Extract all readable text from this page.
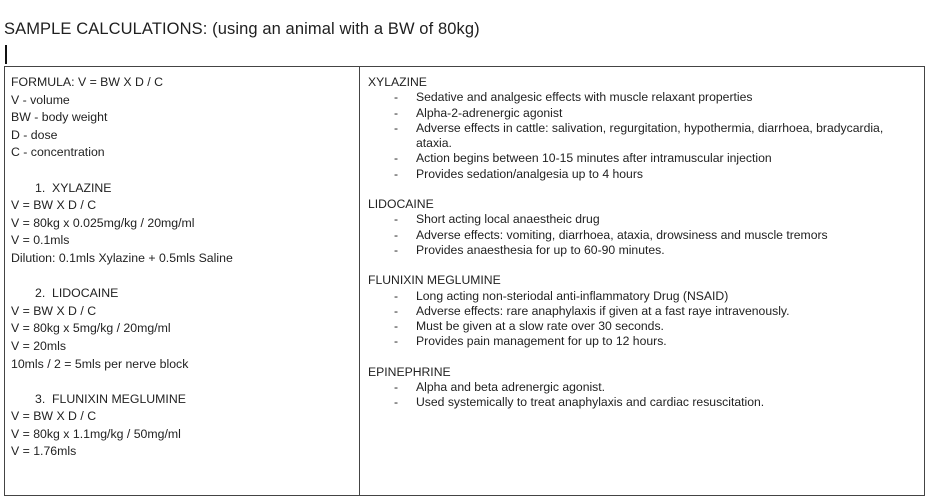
SAMPLE CALCULATIONS: (using an animal with a BW of 80kg)
FORMULA: V = BW X D / C
V - volume
BW - body weight
D - dose
C - concentration
1. XYLAZINE
V = BW X D / C
V = 80kg x 0.025mg/kg / 20mg/ml
V = 0.1mls
Dilution: 0.1mls Xylazine + 0.5mls Saline
2. LIDOCAINE
V = BW X D / C
V = 80kg x 5mg/kg / 20mg/ml
V = 20mls
10mls / 2 = 5mls per nerve block
3. FLUNIXIN MEGLUMINE
V = BW X D / C
V = 80kg x 1.1mg/kg / 50mg/ml
V = 1.76mls
XYLAZINE
- Sedative and analgesic effects with muscle relaxant properties
- Alpha-2-adrenergic agonist
- Adverse effects in cattle: salivation, regurgitation, hypothermia, diarrhoea, bradycardia, ataxia.
- Action begins between 10-15 minutes after intramuscular injection
- Provides sedation/analgesia up to 4 hours
LIDOCAINE
- Short acting local anaestheic drug
- Adverse effects: vomiting, diarrhoea, ataxia, drowsiness and muscle tremors
- Provides anaesthesia for up to 60-90 minutes.
FLUNIXIN MEGLUMINE
- Long acting non-steriodal anti-inflammatory Drug (NSAID)
- Adverse effects: rare anaphylaxis if given at a fast raye intravenously.
- Must be given at a slow rate over 30 seconds.
- Provides pain management for up to 12 hours.
EPINEPHRINE
- Alpha and beta adrenergic agonist.
- Used systemically to treat anaphylaxis and cardiac resuscitation.
